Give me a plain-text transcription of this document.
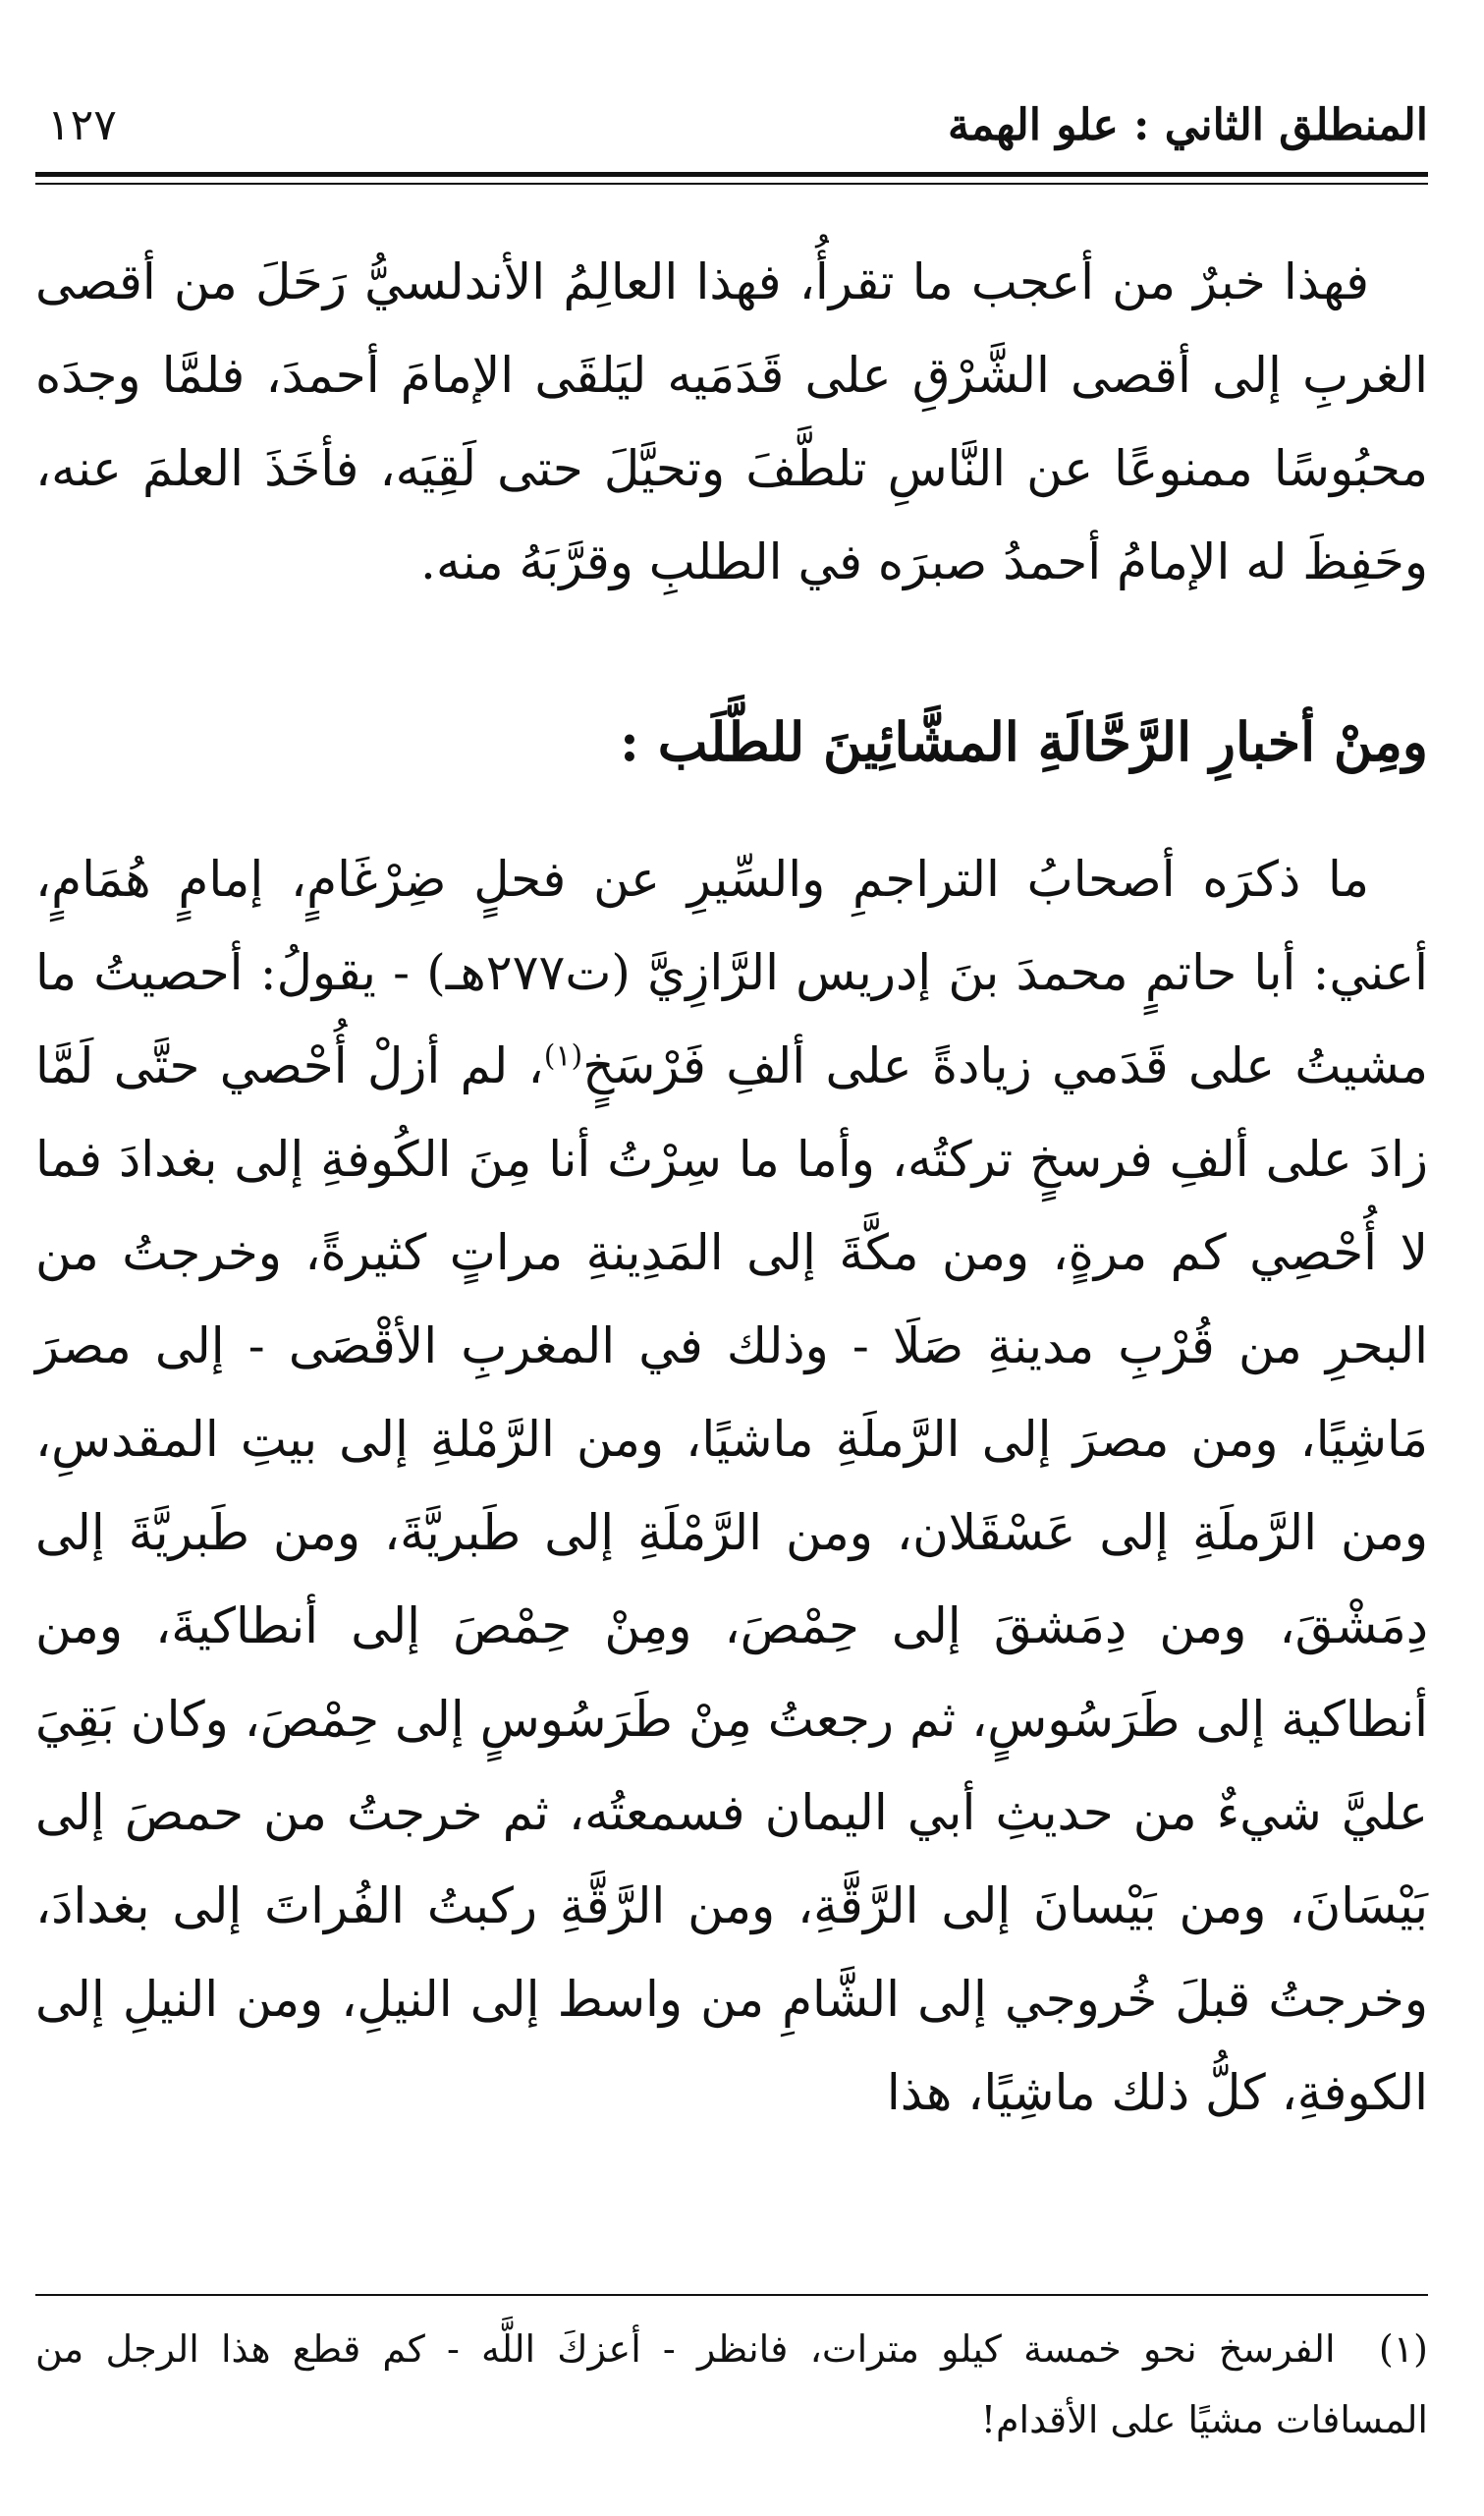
المنطلق الثاني : علو الهمة
١٢٧

فهذا خبرٌ من أعجب ما تقرأُ، فهذا العالِمُ الأندلسيُّ رَحَلَ من أقصى الغربِ إلى أقصى الشَّرْقِ على قَدَمَيه ليَلقَى الإمامَ أحمدَ، فلمَّا وجدَه محبُوسًا ممنوعًا عن النَّاسِ تلطَّفَ وتحيَّلَ حتى لَقِيَه، فأخَذَ العلمَ عنه، وحَفِظَ له الإمامُ أحمدُ صبرَه في الطلبِ وقرَّبَهُ منه.

ومِنْ أخبارِ الرَّحَّالَةِ المشَّائِينَ للطَّلَب :

ما ذكرَه أصحابُ التراجمِ والسِّيرِ عن فحلٍ ضِرْغَامٍ، إمامٍ هُمَامٍ، أعني: أبا حاتمٍ محمدَ بنَ إدريس الرَّازِيَّ (ت٢٧٧هـ) - يقولُ: أحصيتُ ما مشيتُ على قَدَمي زيادةً على ألفِ فَرْسَخٍ$^{(١)}$، لم أزلْ أُحْصي حتَّى لَمَّا زادَ على ألفِ فرسخٍ تركتُه، وأما ما سِرْتُ أنا مِنَ الكُوفةِ إلى بغدادَ فما لا أُحْصِي كم مرةٍ، ومن مكَّةَ إلى المَدِينةِ مراتٍ كثيرةً، وخرجتُ من البحرِ من قُرْبِ مدينةِ صَلَا - وذلك في المغربِ الأقْصَى - إلى مصرَ مَاشِيًا، ومن مصرَ إلى الرَّملَةِ ماشيًا، ومن الرَّمْلةِ إلى بيتِ المقدسِ، ومن الرَّملَةِ إلى عَسْقَلان، ومن الرَّمْلَةِ إلى طَبريَّةَ، ومن طَبريَّةَ إلى دِمَشْقَ، ومن دِمَشقَ إلى حِمْصَ، ومِنْ حِمْصَ إلى أنطاكيةَ، ومن أنطاكية إلى طَرَسُوسٍ، ثم رجعتُ مِنْ طَرَسُوسٍ إلى حِمْصَ، وكان بَقِيَ عليَّ شيءٌ من حديثِ أبي اليمان فسمعتُه، ثم خرجتُ من حمصَ إلى بَيْسَانَ، ومن بَيْسانَ إلى الرَّقَّةِ، ومن الرَّقَّةِ ركبتُ الفُراتَ إلى بغدادَ، وخرجتُ قبلَ خُروجي إلى الشَّامِ من واسط إلى النيلِ، ومن النيلِ إلى الكوفةِ، كلُّ ذلك ماشِيًا، هذا

(١)  الفرسخ نحو خمسة كيلو مترات، فانظر - أعزكَ اللَّه - كم قطع هذا الرجل من المسافات مشيًا على الأقدام!
